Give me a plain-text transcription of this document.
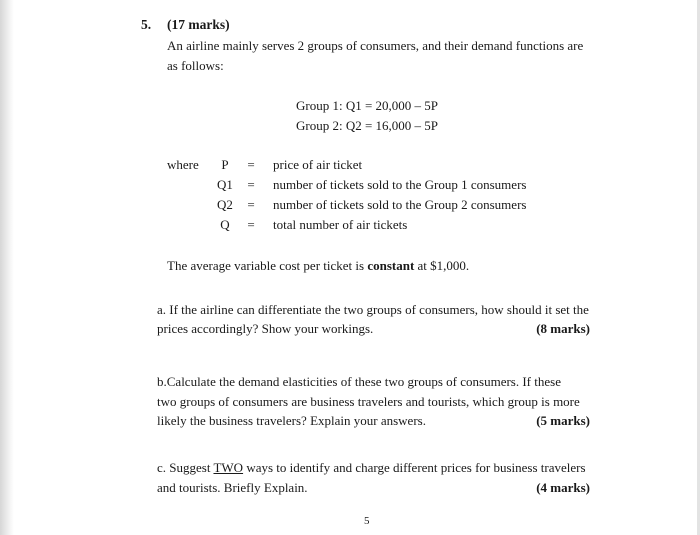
5. (17 marks)
An airline mainly serves 2 groups of consumers, and their demand functions are
as follows:
Group 1: Q1 = 20,000 – 5P
Group 2: Q2 = 16,000 – 5P
where	P	= price of air ticket
Q1 = number of tickets sold to the Group 1 consumers
Q2 = number of tickets sold to the Group 2 consumers
Q	= total number of air tickets
The average variable cost per ticket is constant at $1,000.
a. If the airline can differentiate the two groups of consumers, how should it set the
prices accordingly? Show your workings.	(8 marks)
b.Calculate the demand elasticities of these two groups of consumers. If these
two groups of consumers are business travelers and tourists, which group is more
likely the business travelers? Explain your answers.	(5 marks)
c. Suggest TWO ways to identify and charge different prices for business travelers
and tourists. Briefly Explain.	(4 marks)
5
